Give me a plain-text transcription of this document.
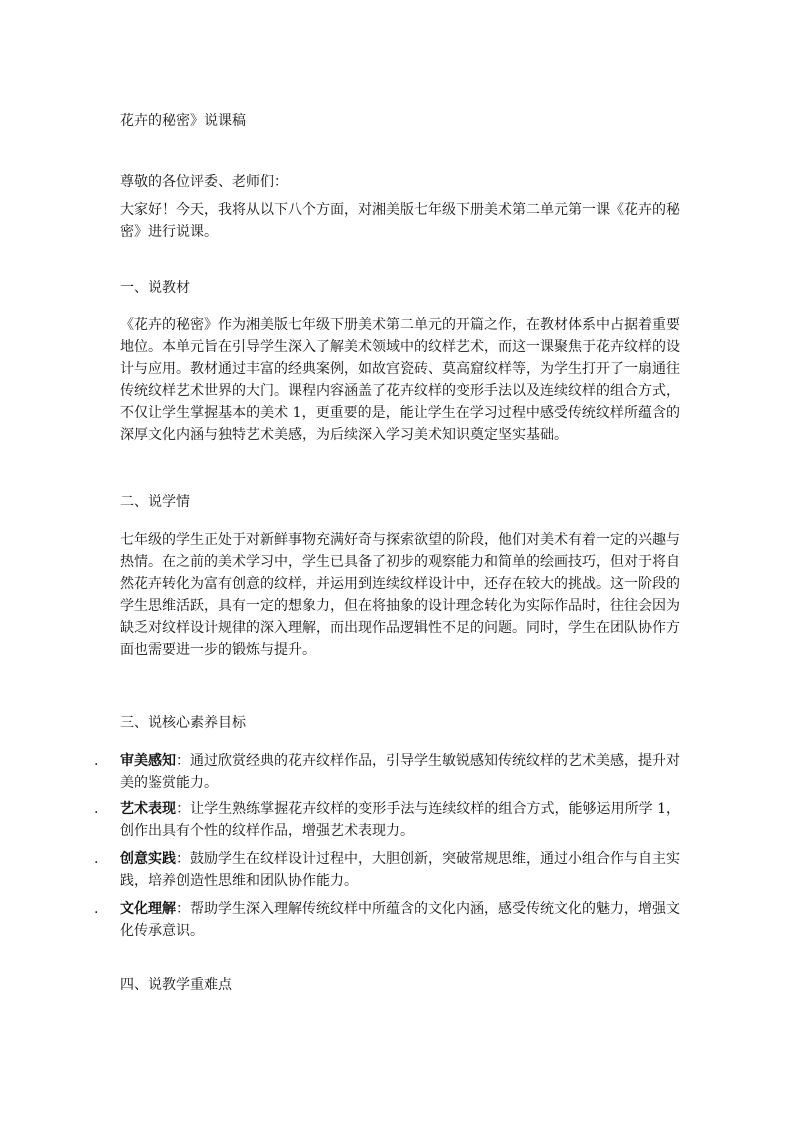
花卉的秘密》说课稿
尊敬的各位评委、老师们：
大家好！今天，我将从以下八个方面，对湘美版七年级下册美术第二单元第一课《花卉的秘密》进行说课。
一、说教材
《花卉的秘密》作为湘美版七年级下册美术第二单元的开篇之作，在教材体系中占据着重要地位。本单元旨在引导学生深入了解美术领域中的纹样艺术，而这一课聚焦于花卉纹样的设计与应用。教材通过丰富的经典案例，如故宫瓷砖、莫高窟纹样等，为学生打开了一扇通往传统纹样艺术世界的大门。课程内容涵盖了花卉纹样的变形手法以及连续纹样的组合方式，不仅让学生掌握基本的美术 1，更重要的是，能让学生在学习过程中感受传统纹样所蕴含的深厚文化内涵与独特艺术美感，为后续深入学习美术知识奠定坚实基础。
二、说学情
七年级的学生正处于对新鲜事物充满好奇与探索欲望的阶段，他们对美术有着一定的兴趣与热情。在之前的美术学习中，学生已具备了初步的观察能力和简单的绘画技巧，但对于将自然花卉转化为富有创意的纹样，并运用到连续纹样设计中，还存在较大的挑战。这一阶段的学生思维活跃，具有一定的想象力，但在将抽象的设计理念转化为实际作品时，往往会因为缺乏对纹样设计规律的深入理解，而出现作品逻辑性不足的问题。同时，学生在团队协作方面也需要进一步的锻炼与提升。
三、说核心素养目标
. 审美感知：通过欣赏经典的花卉纹样作品，引导学生敏锐感知传统纹样的艺术美感，提升对美的鉴赏能力。
. 艺术表现：让学生熟练掌握花卉纹样的变形手法与连续纹样的组合方式，能够运用所学 1，创作出具有个性的纹样作品，增强艺术表现力。
. 创意实践：鼓励学生在纹样设计过程中，大胆创新，突破常规思维，通过小组合作与自主实践，培养创造性思维和团队协作能力。
. 文化理解：帮助学生深入理解传统纹样中所蕴含的文化内涵，感受传统文化的魅力，增强文化传承意识。
四、说教学重难点
